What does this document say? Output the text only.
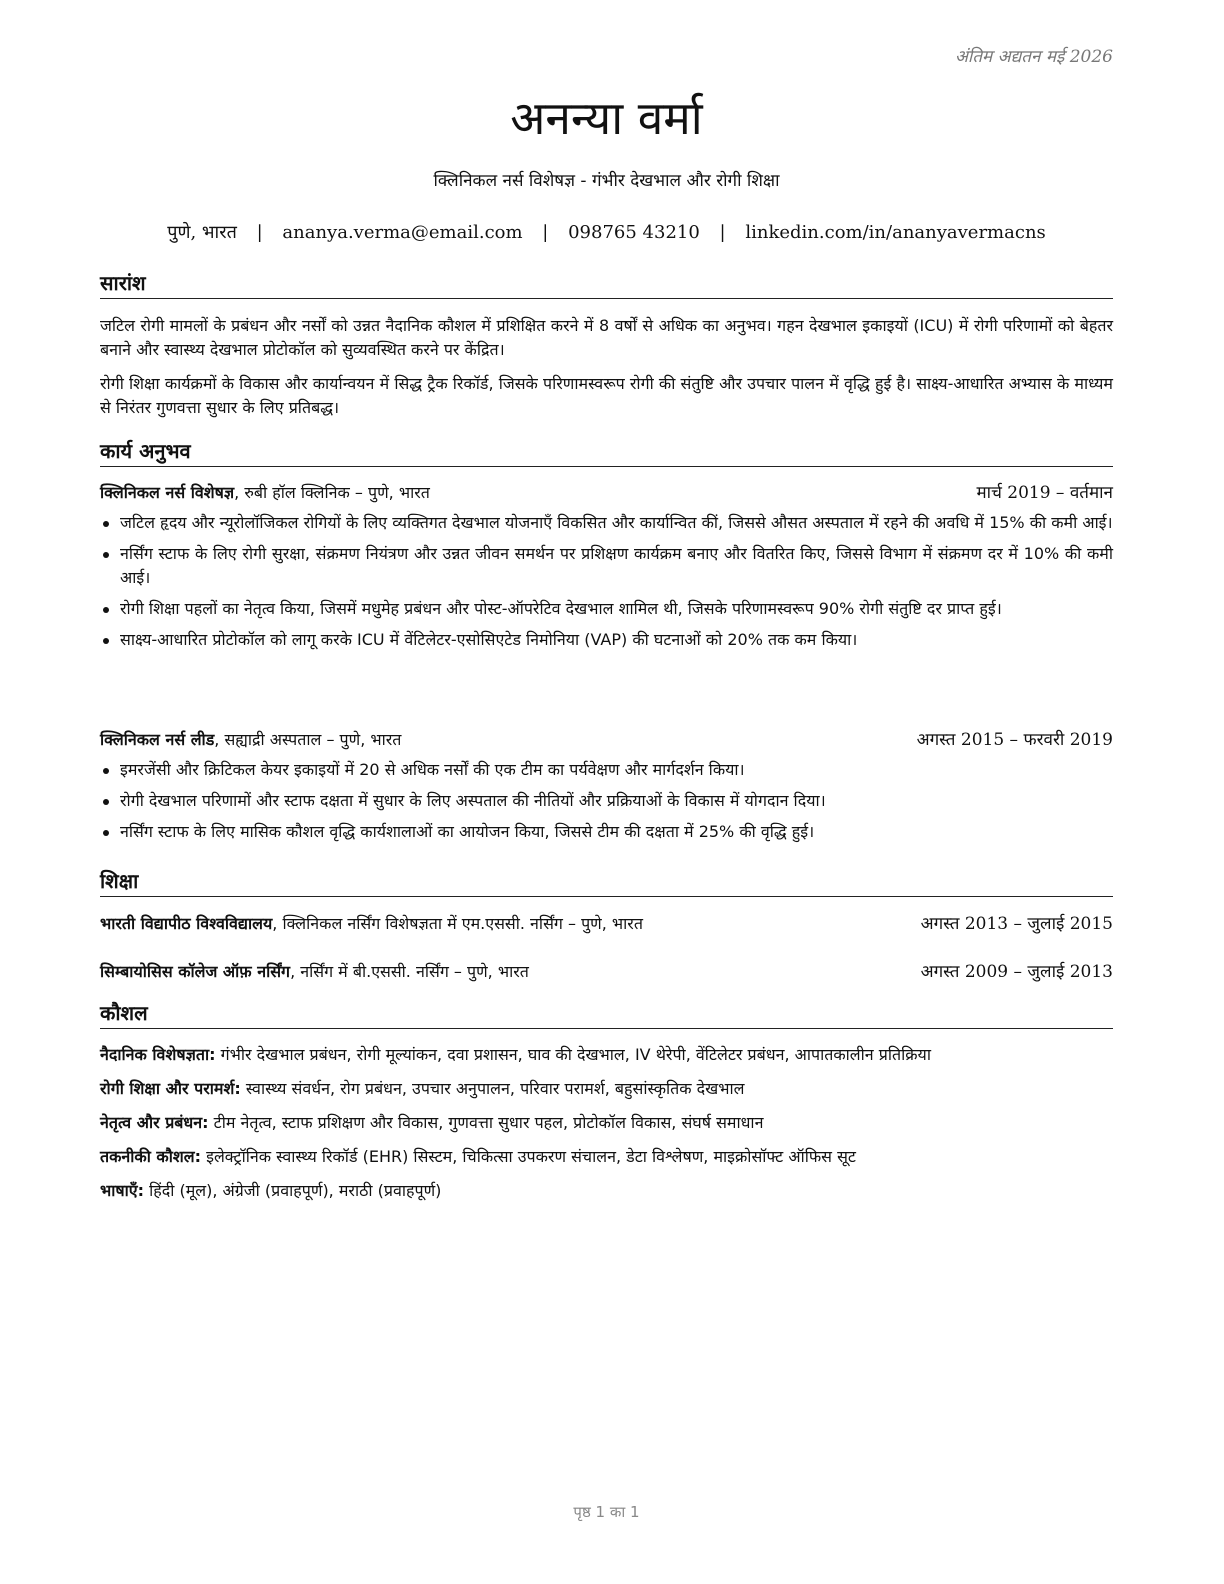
अंतिम अद्यतन मई 2026
अनन्या वर्मा
क्लिनिकल नर्स विशेषज्ञ - गंभीर देखभाल और रोगी शिक्षा
पुणे, भारत | ananya.verma@email.com | 098765 43210 | linkedin.com/in/ananyavermacns
सारांश
जटिल रोगी मामलों के प्रबंधन और नर्सों को उन्नत नैदानिक कौशल में प्रशिक्षित करने में 8 वर्षों से अधिक का अनुभव। गहन देखभाल इकाइयों (ICU) में रोगी परिणामों को बेहतर बनाने और स्वास्थ्य देखभाल प्रोटोकॉल को सुव्यवस्थित करने पर केंद्रित।
रोगी शिक्षा कार्यक्रमों के विकास और कार्यान्वयन में सिद्ध ट्रैक रिकॉर्ड, जिसके परिणामस्वरूप रोगी की संतुष्टि और उपचार पालन में वृद्धि हुई है। साक्ष्य-आधारित अभ्यास के माध्यम से निरंतर गुणवत्ता सुधार के लिए प्रतिबद्ध।
कार्य अनुभव
क्लिनिकल नर्स विशेषज्ञ, रुबी हॉल क्लिनिक – पुणे, भारत	मार्च 2019 – वर्तमान
जटिल हृदय और न्यूरोलॉजिकल रोगियों के लिए व्यक्तिगत देखभाल योजनाएँ विकसित और कार्यान्वित कीं, जिससे औसत अस्पताल में रहने की अवधि में 15% की कमी आई।
नर्सिंग स्टाफ के लिए रोगी सुरक्षा, संक्रमण नियंत्रण और उन्नत जीवन समर्थन पर प्रशिक्षण कार्यक्रम बनाए और वितरित किए, जिससे विभाग में संक्रमण दर में 10% की कमी आई।
रोगी शिक्षा पहलों का नेतृत्व किया, जिसमें मधुमेह प्रबंधन और पोस्ट-ऑपरेटिव देखभाल शामिल थी, जिसके परिणामस्वरूप 90% रोगी संतुष्टि दर प्राप्त हुई।
साक्ष्य-आधारित प्रोटोकॉल को लागू करके ICU में वेंटिलेटर-एसोसिएटेड निमोनिया (VAP) की घटनाओं को 20% तक कम किया।
क्लिनिकल नर्स लीड, सह्याद्री अस्पताल – पुणे, भारत	अगस्त 2015 – फरवरी 2019
इमरजेंसी और क्रिटिकल केयर इकाइयों में 20 से अधिक नर्सों की एक टीम का पर्यवेक्षण और मार्गदर्शन किया।
रोगी देखभाल परिणामों और स्टाफ दक्षता में सुधार के लिए अस्पताल की नीतियों और प्रक्रियाओं के विकास में योगदान दिया।
नर्सिंग स्टाफ के लिए मासिक कौशल वृद्धि कार्यशालाओं का आयोजन किया, जिससे टीम की दक्षता में 25% की वृद्धि हुई।
शिक्षा
भारती विद्यापीठ विश्वविद्यालय, क्लिनिकल नर्सिंग विशेषज्ञता में एम.एससी. नर्सिंग – पुणे, भारत	अगस्त 2013 – जुलाई 2015
सिम्बायोसिस कॉलेज ऑफ़ नर्सिंग, नर्सिंग में बी.एससी. नर्सिंग – पुणे, भारत	अगस्त 2009 – जुलाई 2013
कौशल
नैदानिक विशेषज्ञता: गंभीर देखभाल प्रबंधन, रोगी मूल्यांकन, दवा प्रशासन, घाव की देखभाल, IV थेरेपी, वेंटिलेटर प्रबंधन, आपातकालीन प्रतिक्रिया
रोगी शिक्षा और परामर्श: स्वास्थ्य संवर्धन, रोग प्रबंधन, उपचार अनुपालन, परिवार परामर्श, बहुसांस्कृतिक देखभाल
नेतृत्व और प्रबंधन: टीम नेतृत्व, स्टाफ प्रशिक्षण और विकास, गुणवत्ता सुधार पहल, प्रोटोकॉल विकास, संघर्ष समाधान
तकनीकी कौशल: इलेक्ट्रॉनिक स्वास्थ्य रिकॉर्ड (EHR) सिस्टम, चिकित्सा उपकरण संचालन, डेटा विश्लेषण, माइक्रोसॉफ्ट ऑफिस सूट
भाषाएँ: हिंदी (मूल), अंग्रेजी (प्रवाहपूर्ण), मराठी (प्रवाहपूर्ण)
पृष्ठ 1 का 1
